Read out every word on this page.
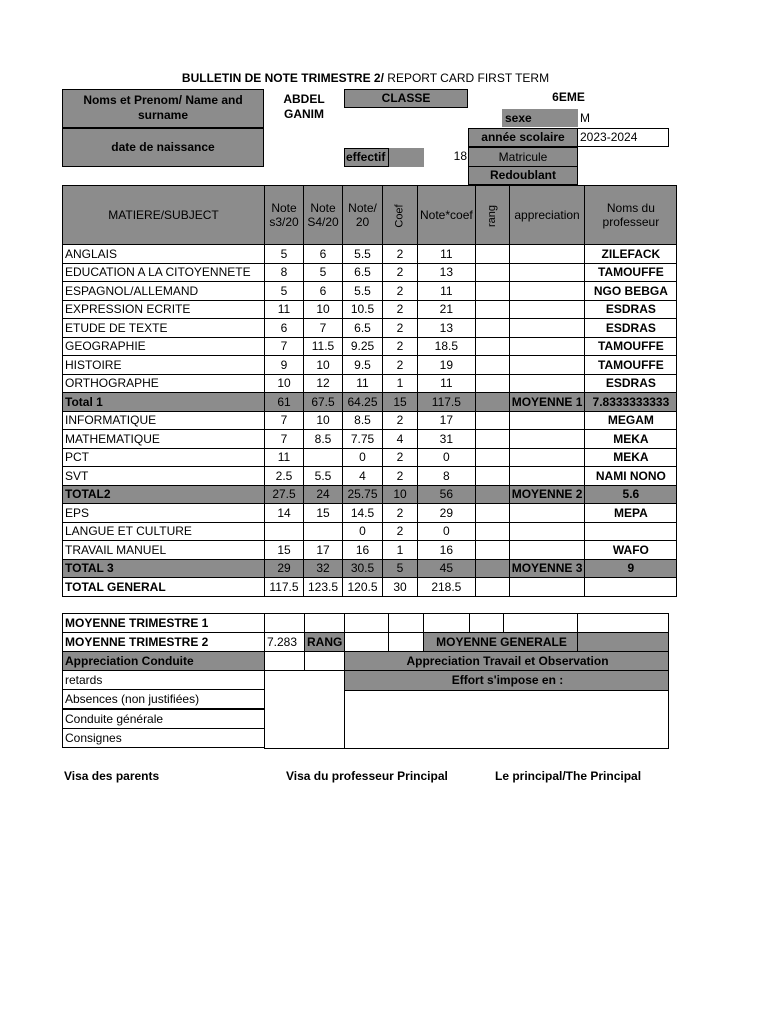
BULLETIN DE NOTE TRIMESTRE 2/ REPORT CARD FIRST TERM
Noms et Prenom/ Name and surname
ABDEL
GANIM
CLASSE	6EME
sexe	M
date de naissance
année scolaire	2023-2024
effectif	18	Matricule
Redoublant
MATIERE/SUBJECT	Note s3/20	Note S4/20	Note/ 20	Coef	Note*coef	rang	appreciation	Noms du professeur
ANGLAIS	5	6	5.5	2	11			ZILEFACK
EDUCATION A LA CITOYENNETE	8	5	6.5	2	13			TAMOUFFE
ESPAGNOL/ALLEMAND	5	6	5.5	2	11			NGO BEBGA
EXPRESSION ECRITE	11	10	10.5	2	21			ESDRAS
ETUDE DE TEXTE	6	7	6.5	2	13			ESDRAS
GEOGRAPHIE	7	11.5	9.25	2	18.5			TAMOUFFE
HISTOIRE	9	10	9.5	2	19			TAMOUFFE
ORTHOGRAPHE	10	12	11	1	11			ESDRAS
Total 1	61	67.5	64.25	15	117.5		MOYENNE 1	7.8333333333
INFORMATIQUE	7	10	8.5	2	17			MEGAM
MATHEMATIQUE	7	8.5	7.75	4	31			MEKA
PCT	11		0	2	0			MEKA
SVT	2.5	5.5	4	2	8			NAMI NONO
TOTAL2	27.5	24	25.75	10	56		MOYENNE 2	5.6
EPS	14	15	14.5	2	29			MEPA
LANGUE ET CULTURE			0	2	0			
TRAVAIL MANUEL	15	17	16	1	16			WAFO
TOTAL 3	29	32	30.5	5	45		MOYENNE 3	9
TOTAL GENERAL	117.5	123.5	120.5	30	218.5			
MOYENNE TRIMESTRE 1
MOYENNE TRIMESTRE 2	7.283 RANG	MOYENNE GENERALE
Appreciation Conduite	Appreciation Travail et Observation
retards
Absences (non justifiées)
Conduite générale
Consignes
Effort s'impose en :
Visa des parents	Visa du professeur Principal	Le principal/The Principal
